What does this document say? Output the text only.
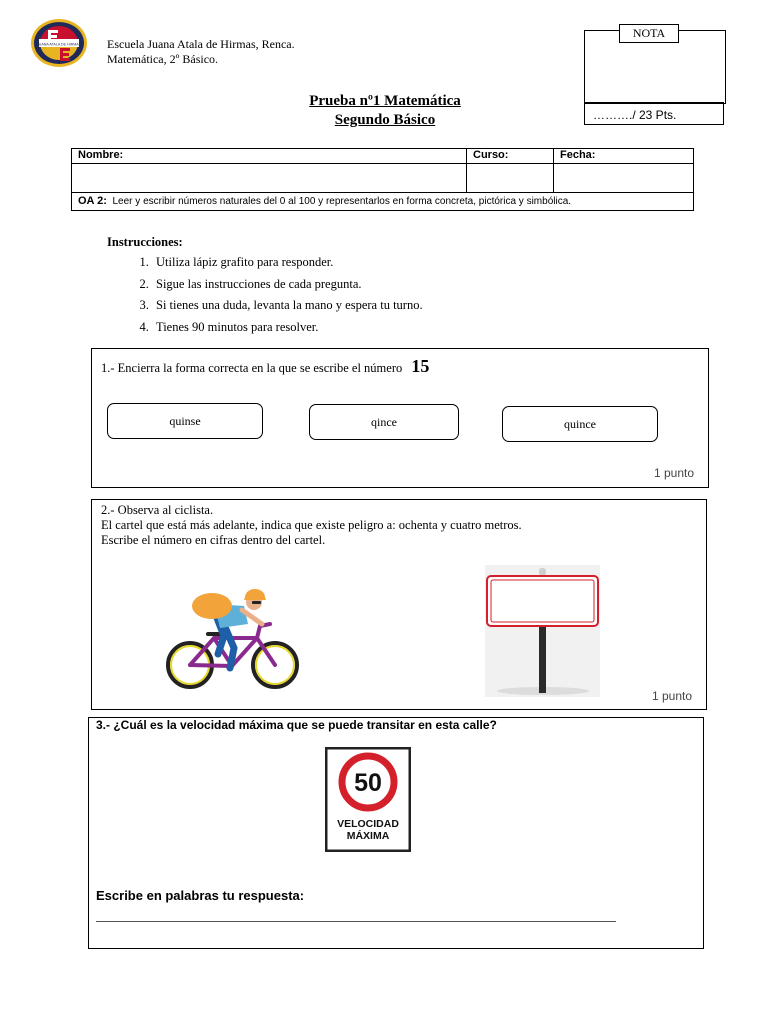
JUANA ATALA DE HIRMAS Escuela Juana Atala de Hirmas, Renca.
Matemática, 2º Básico.
NOTA
………./ 23 Pts.
Prueba nº1 Matemática
Segundo Básico
Nombre:	Curso:	Fecha:

OA 2: Leer y escribir números naturales del 0 al 100 y representarlos en forma concreta, pictórica y simbólica.		
Instrucciones:
1. Utiliza lápiz grafito para responder.
2. Sigue las instrucciones de cada pregunta.
3. Si tienes una duda, levanta la mano y espera tu turno.
4. Tienes 90 minutos para resolver.
1.- Encierra la forma correcta en la que se escribe el número 15
quinse	qince	quince
1 punto
2.- Observa al ciclista.
El cartel que está más adelante, indica que existe peligro a: ochenta y cuatro metros.
Escribe el número en cifras dentro del cartel.
1 punto
3.- ¿Cuál es la velocidad máxima que se puede transitar en esta calle?
50
VELOCIDAD
MÁXIMA
Escribe en palabras tu respuesta:
